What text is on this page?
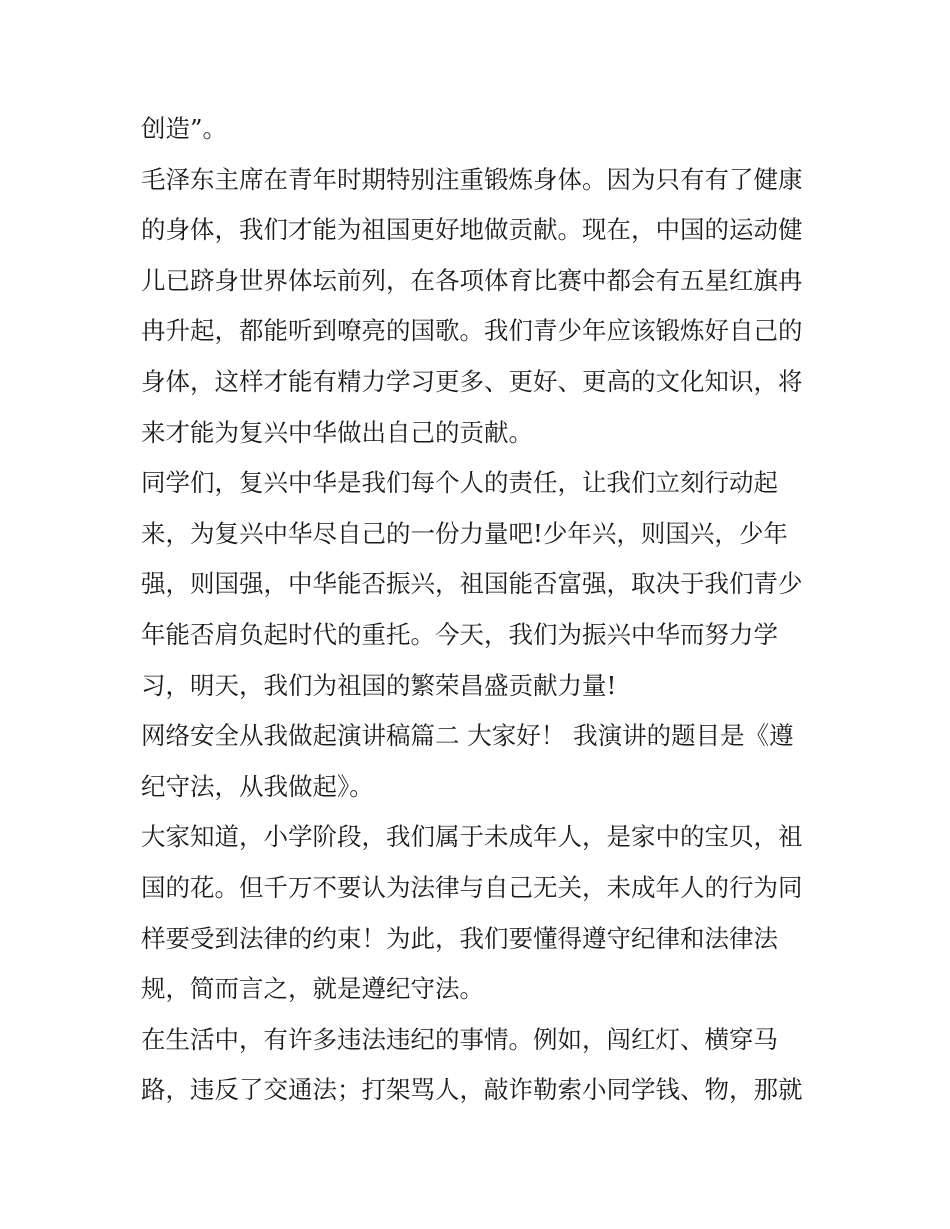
创造”。
毛泽东主席在青年时期特别注重锻炼身体。因为只有有了健康
的身体，我们才能为祖国更好地做贡献。现在，中国的运动健
儿已跻身世界体坛前列，在各项体育比赛中都会有五星红旗冉
冉升起，都能听到嘹亮的国歌。我们青少年应该锻炼好自己的
身体，这样才能有精力学习更多、更好、更高的文化知识，将
来才能为复兴中华做出自己的贡献。
同学们，复兴中华是我们每个人的责任，让我们立刻行动起
来，为复兴中华尽自己的一份力量吧!少年兴，则国兴，少年
强，则国强，中华能否振兴，祖国能否富强，取决于我们青少
年能否肩负起时代的重托。今天，我们为振兴中华而努力学
习，明天，我们为祖国的繁荣昌盛贡献力量!
网络安全从我做起演讲稿篇二 大家好！ 我演讲的题目是《遵
纪守法，从我做起》。
大家知道，小学阶段，我们属于未成年人，是家中的宝贝，祖
国的花。但千万不要认为法律与自己无关，未成年人的行为同
样要受到法律的约束！为此，我们要懂得遵守纪律和法律法
规，简而言之，就是遵纪守法。
在生活中，有许多违法违纪的事情。例如，闯红灯、横穿马
路，违反了交通法；打架骂人，敲诈勒索小同学钱、物，那就
